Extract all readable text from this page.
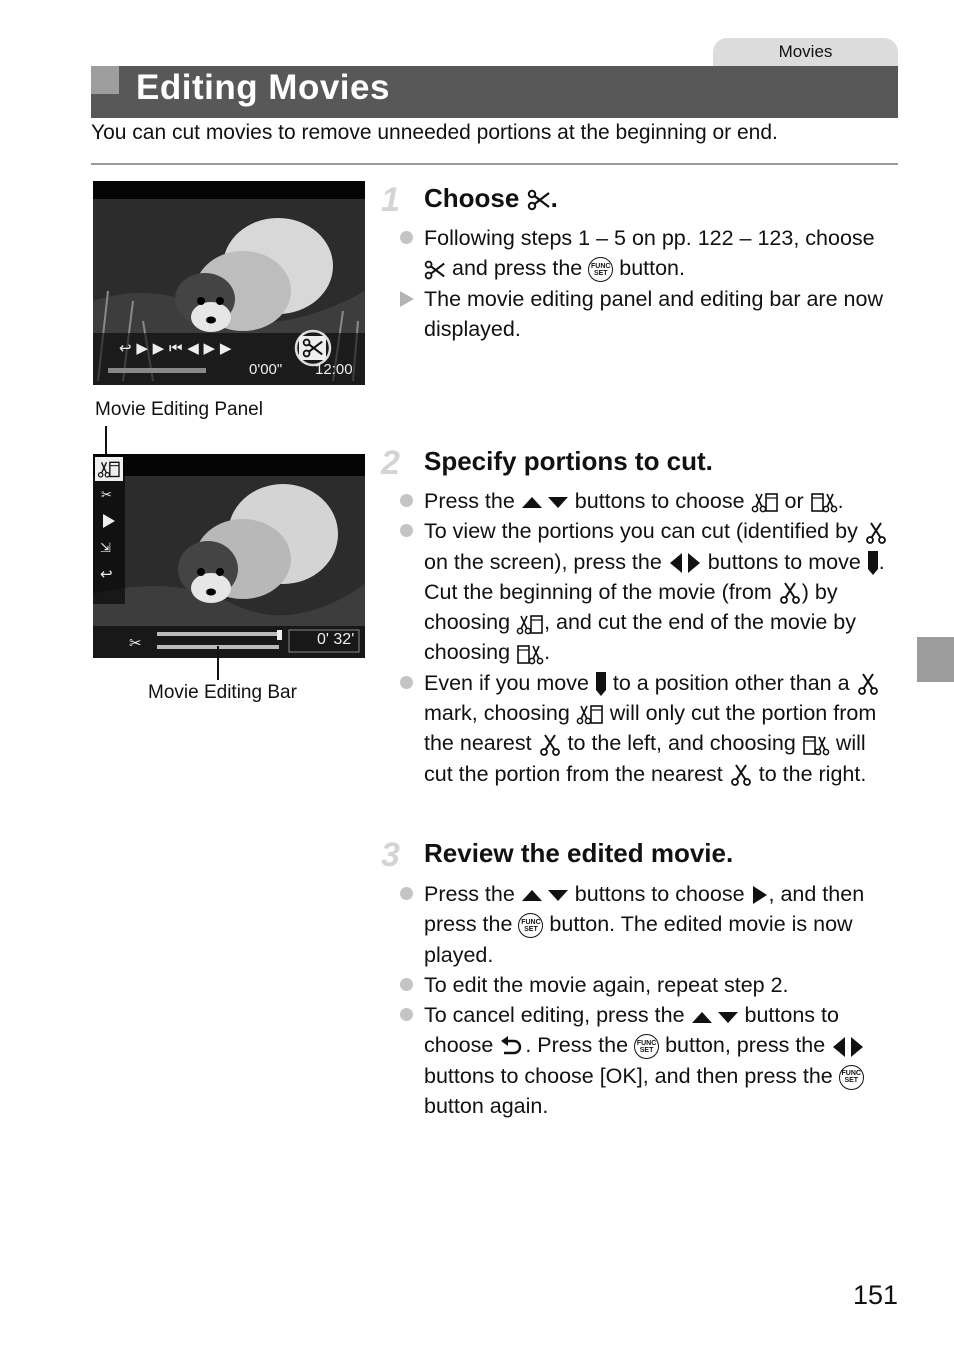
Movies
Editing Movies
You can cut movies to remove unneeded portions at the beginning or end.
↩ ▶ ▶ ⏮ ◀ ▶ ▶
0'00" 12:00
Movie Editing Panel
✂
⇲
↩
✂	0' 32'
Movie Editing Bar
1 Choose .
Following steps 1 – 5 on pp. 122 – 123, choose  and press the FUNC
SET button.
The movie editing panel and editing bar are now displayed.
2 Specify portions to cut.
Press the	buttons to choose or .
To view the portions you can cut (identified by  on the screen), press the buttons to move . Cut the beginning of the movie (from ) by choosing , and cut the end of the movie by choosing .
Even if you move to a position other than a  mark, choosing will only cut the portion from the nearest to the left, and choosing will cut the portion from the nearest to the right.
3 Review the edited movie.
Press the	buttons to choose , and then press the FUNC
SET button. The edited movie is now played.
To edit the movie again, repeat step 2.
To cancel editing, press the	buttons to choose . Press the FUNC
SET button, press the  buttons to choose [OK], and then press the FUNC
SET
button again.
151
